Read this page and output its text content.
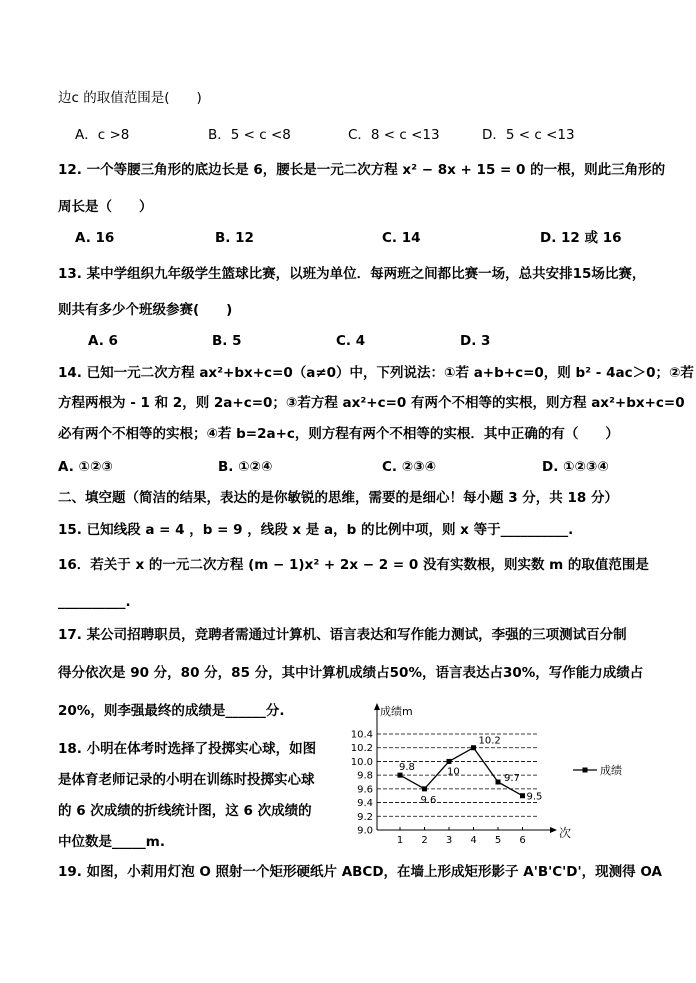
边c 的取值范围是(　　)
A．c >8	B．5 < c <8	C．8 < c <13	D．5 < c <13
12. 一个等腰三角形的底边长是 6，腰长是一元二次方程 x² − 8x + 15 = 0 的一根，则此三角形的
周长是（　　）
A. 16	B. 12	C. 14	D. 12 或 16
13. 某中学组织九年级学生篮球比赛，以班为单位．每两班之间都比赛一场，总共安排15场比赛，
则共有多少个班级参赛(　　)
A. 6	B. 5	C. 4	D. 3
14. 已知一元二次方程 ax²+bx+c=0（a≠0）中，下列说法：①若 a+b+c=0，则 b² - 4ac＞0；②若
方程两根为 - 1 和 2，则 2a+c=0；③若方程 ax²+c=0 有两个不相等的实根，则方程 ax²+bx+c=0
必有两个不相等的实根；④若 b=2a+c，则方程有两个不相等的实根．其中正确的有（　　）
A. ①②③	B. ①②④	C. ②③④	D. ①②③④
二、填空题（简洁的结果，表达的是你敏锐的思维，需要的是细心！每小题 3 分，共 18 分）
15. 已知线段 a = 4 ，b = 9 ，线段 x 是 a，b 的比例中项，则 x 等于__________.
16．若关于 x 的一元二次方程 (m − 1)x² + 2x − 2 = 0 没有实数根，则实数 m 的取值范围是
__________.
17. 某公司招聘职员，竞聘者需通过计算机、语言表达和写作能力测试，李强的三项测试百分制
得分依次是 90 分，80 分，85 分，其中计算机成绩占50%，语言表达占30%，写作能力成绩占
20%，则李强最终的成绩是______分.
18. 小明在体考时选择了投掷实心球，如图
是体育老师记录的小明在训练时投掷实心球
的 6 次成绩的折线统计图，这 6 次成绩的
中位数是_____m.
19. 如图，小莉用灯泡 O 照射一个矩形硬纸片 ABCD，在墙上形成矩形影子 A'B'C'D'，现测得 OA
9.0
9.2
9.4
9.6
9.8
10.0
10.2
10.4
1 2 3 4 5 6
成绩m
次
9.8
9.6
10
10.2
9.7
9.5
成绩
